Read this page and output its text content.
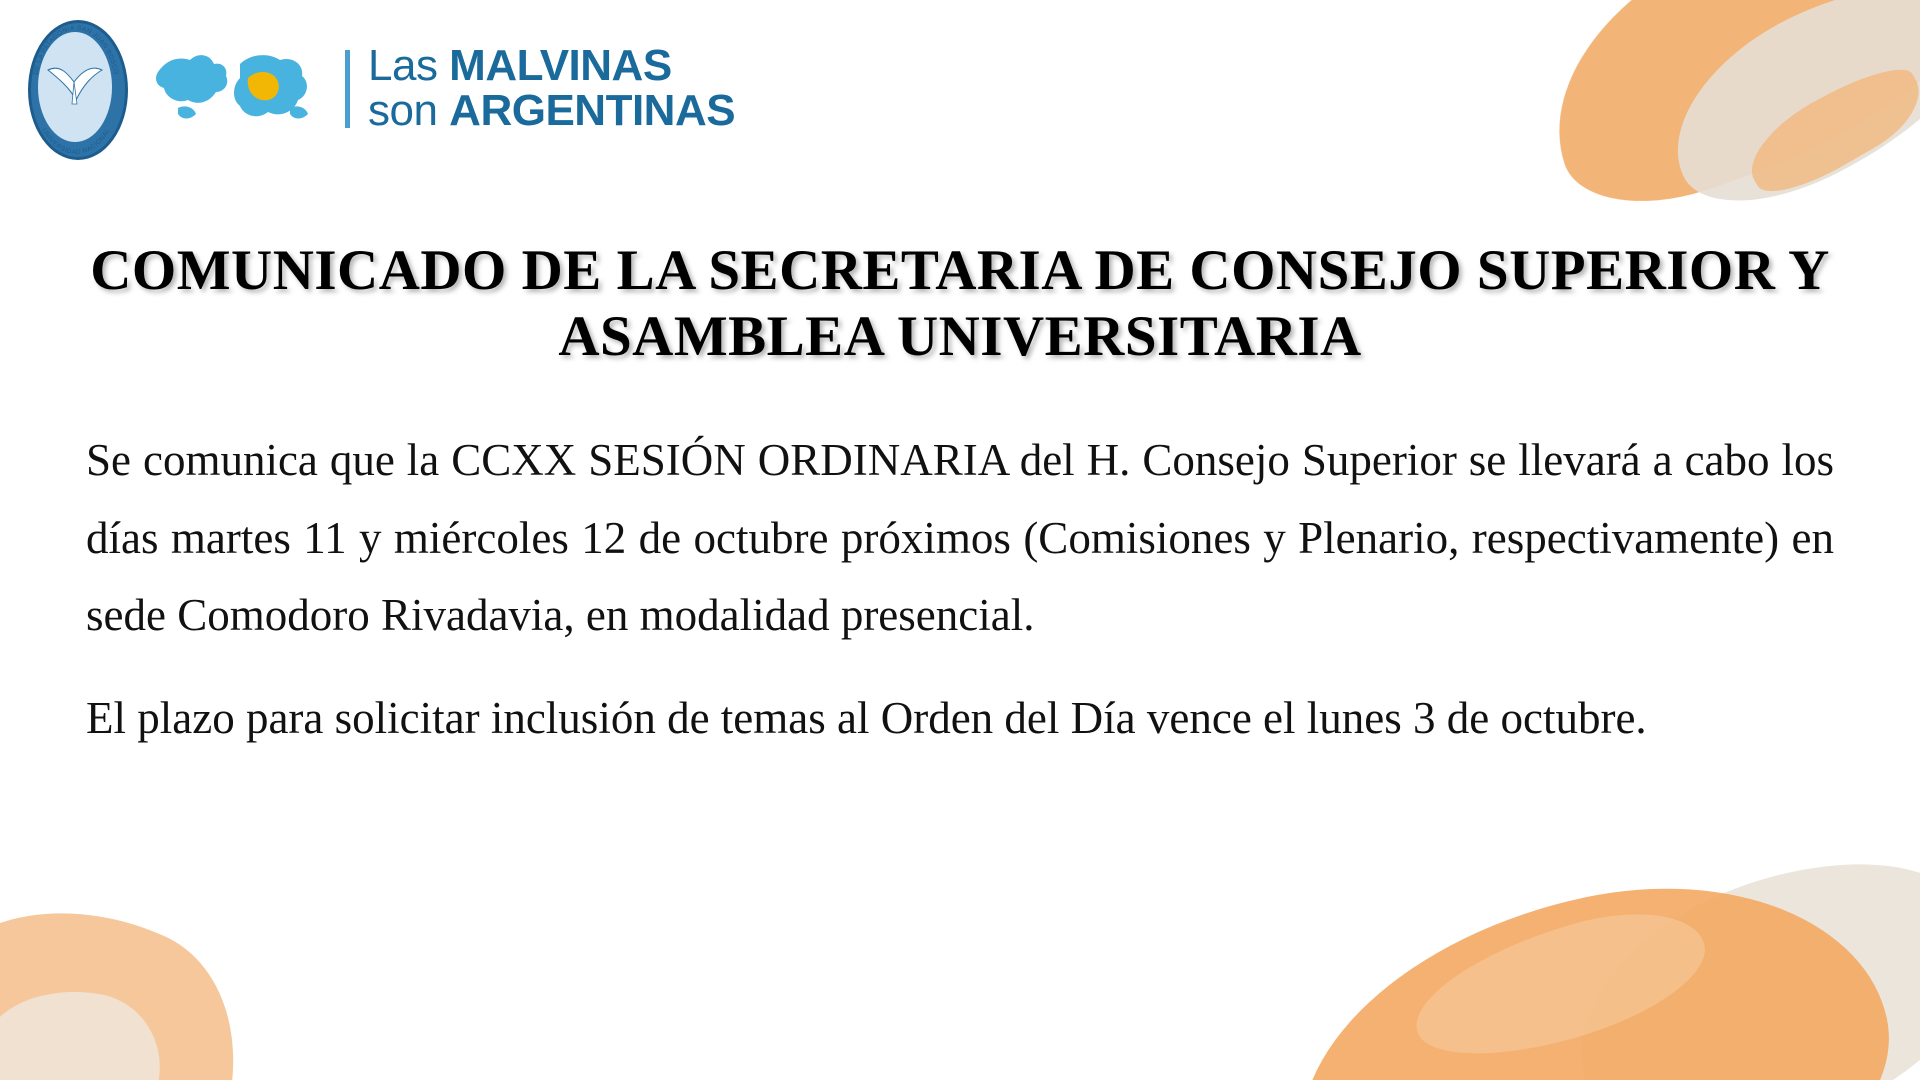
DE LA PATAGONIA SAN JUAN BOSCO
UNIVERSIDAD NACIONAL
Las MALVINAS
son ARGENTINAS
COMUNICADO DE LA SECRETARIA DE CONSEJO SUPERIOR Y ASAMBLEA UNIVERSITARIA

Se comunica que la CCXX SESIÓN ORDINARIA del H. Consejo Superior se llevará a cabo los días martes 11 y miércoles 12 de octubre próximos (Comisiones y Plenario, respectivamente) en sede Comodoro Rivadavia, en modalidad presencial.

El plazo para solicitar inclusión de temas al Orden del Día vence el lunes 3 de octubre.
